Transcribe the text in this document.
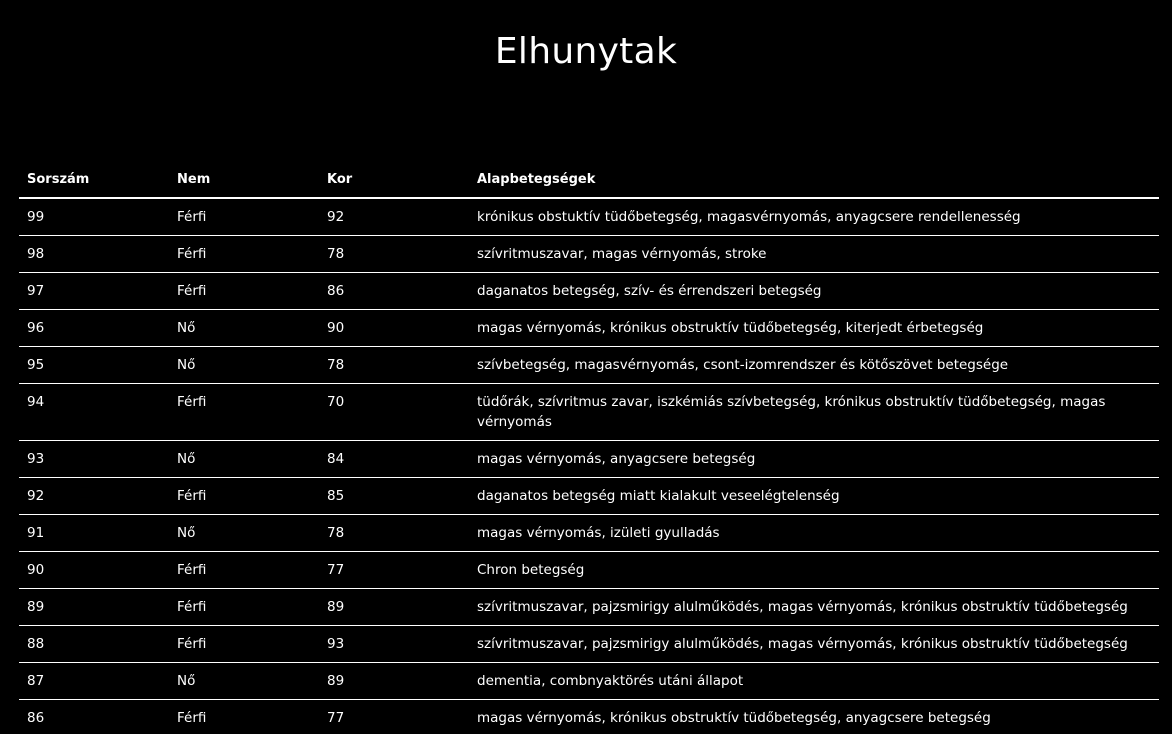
Elhunytak
Sorszám	Nem	Kor	Alapbetegségek
99	Férfi	92	krónikus obstuktív tüdőbetegség, magasvérnyomás, anyagcsere rendellenesség
98	Férfi	78	szívritmuszavar, magas vérnyomás, stroke
97	Férfi	86	daganatos betegség, szív- és érrendszeri betegség
96	Nő	90	magas vérnyomás, krónikus obstruktív tüdőbetegség, kiterjedt érbetegség
95	Nő	78	szívbetegség, magasvérnyomás, csont-izomrendszer és kötőszövet betegsége
94	Férfi	70	tüdőrák, szívritmus zavar, iszkémiás szívbetegség, krónikus obstruktív tüdőbetegség, magas vérnyomás
93	Nő	84	magas vérnyomás, anyagcsere betegség
92	Férfi	85	daganatos betegség miatt kialakult veseelégtelenség
91	Nő	78	magas vérnyomás, izületi gyulladás
90	Férfi	77	Chron betegség
89	Férfi	89	szívritmuszavar, pajzsmirigy alulműködés, magas vérnyomás, krónikus obstruktív tüdőbetegség
88	Férfi	93	szívritmuszavar, pajzsmirigy alulműködés, magas vérnyomás, krónikus obstruktív tüdőbetegség
87	Nő	89	dementia, combnyaktörés utáni állapot
86	Férfi	77	magas vérnyomás, krónikus obstruktív tüdőbetegség, anyagcsere betegség
